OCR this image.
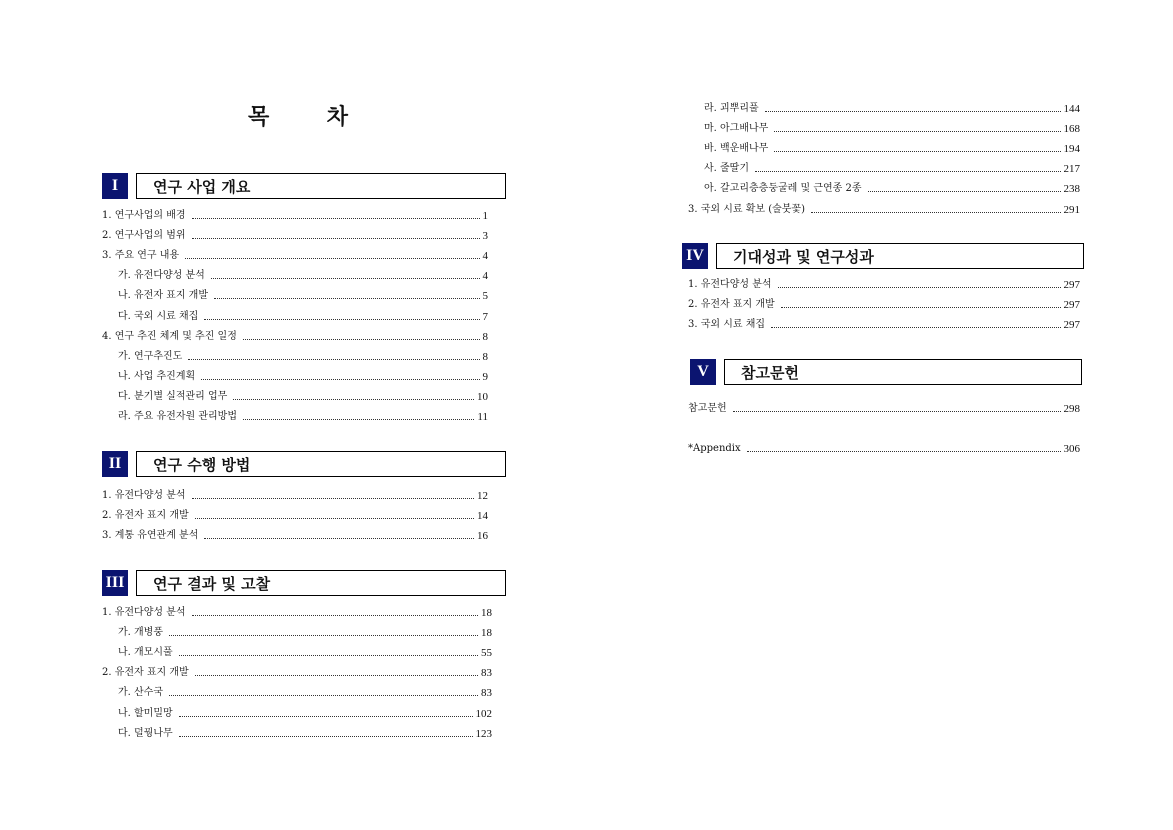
목	차
I	연구 사업 개요
1. 연구사업의 배경	1
2. 연구사업의 범위	3
3. 주요 연구 내용	4
가. 유전다양성 분석	4
나. 유전자 표지 개발	5
다. 국외 시료 채집	7
4. 연구 추진 체계 및 추진 일정	8
가. 연구추진도	8
나. 사업 추진계획	9
다. 분기별 실적관리 업무	10
라. 주요 유전자원 관리방법	11
II	연구 수행 방법
1. 유전다양성 분석	12
2. 유전자 표지 개발	14
3. 계통 유연관계 분석	16
III	연구 결과 및 고찰
1. 유전다양성 분석	18
가. 개병풍	18
나. 개모시풀	55
2. 유전자 표지 개발	83
가. 산수국	83
나. 할미밀망	102
다. 덜꿩나무	123
라. 괴뿌리풀	144
마. 아그배나무	168
바. 백운배나무	194
사. 줄딸기	217
아. 갈고리층층둥굴레 및 근연종 2종	238
3. 국외 시료 확보 (술붓꽃)	291
IV	기대성과 및 연구성과
1. 유전다양성 분석	297
2. 유전자 표지 개발	297
3. 국외 시료 채집	297
V	참고문헌
참고문헌	298
*Appendix	306
